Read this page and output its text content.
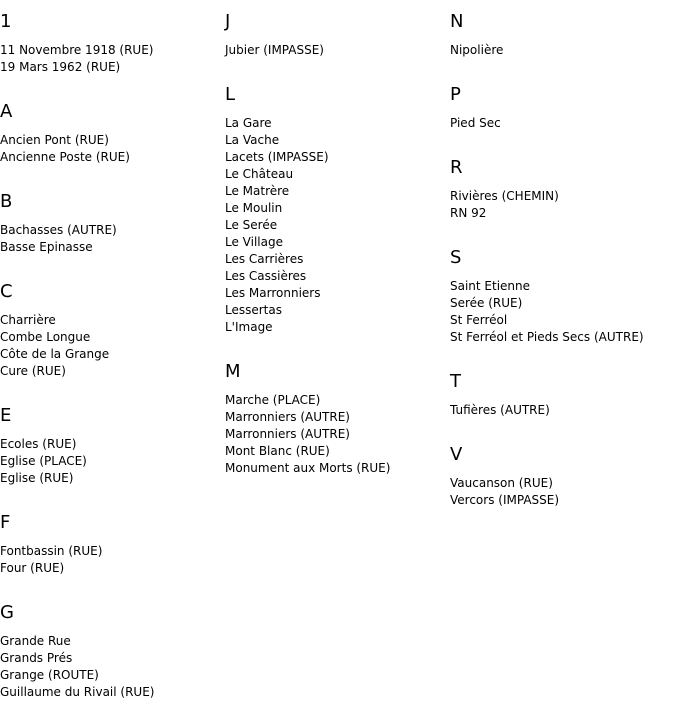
1
11 Novembre 1918 (RUE)
19 Mars 1962 (RUE)
A
Ancien Pont (RUE)
Ancienne Poste (RUE)
B
Bachasses (AUTRE)
Basse Epinasse
C
Charrière
Combe Longue
Côte de la Grange
Cure (RUE)
E
Ecoles (RUE)
Eglise (PLACE)
Eglise (RUE)
F
Fontbassin (RUE)
Four (RUE)
G
Grande Rue
Grands Prés
Grange (ROUTE)
Guillaume du Rivail (RUE)
J
Jubier (IMPASSE)
L
La Gare
La Vache
Lacets (IMPASSE)
Le Château
Le Matrère
Le Moulin
Le Serée
Le Village
Les Carrières
Les Cassières
Les Marronniers
Lessertas
L'Image
M
Marche (PLACE)
Marronniers (AUTRE)
Marronniers (AUTRE)
Mont Blanc (RUE)
Monument aux Morts (RUE)
N
Nipolière
P
Pied Sec
R
Rivières (CHEMIN)
RN 92
S
Saint Etienne
Serée (RUE)
St Ferréol
St Ferréol et Pieds Secs (AUTRE)
T
Tufières (AUTRE)
V
Vaucanson (RUE)
Vercors (IMPASSE)
